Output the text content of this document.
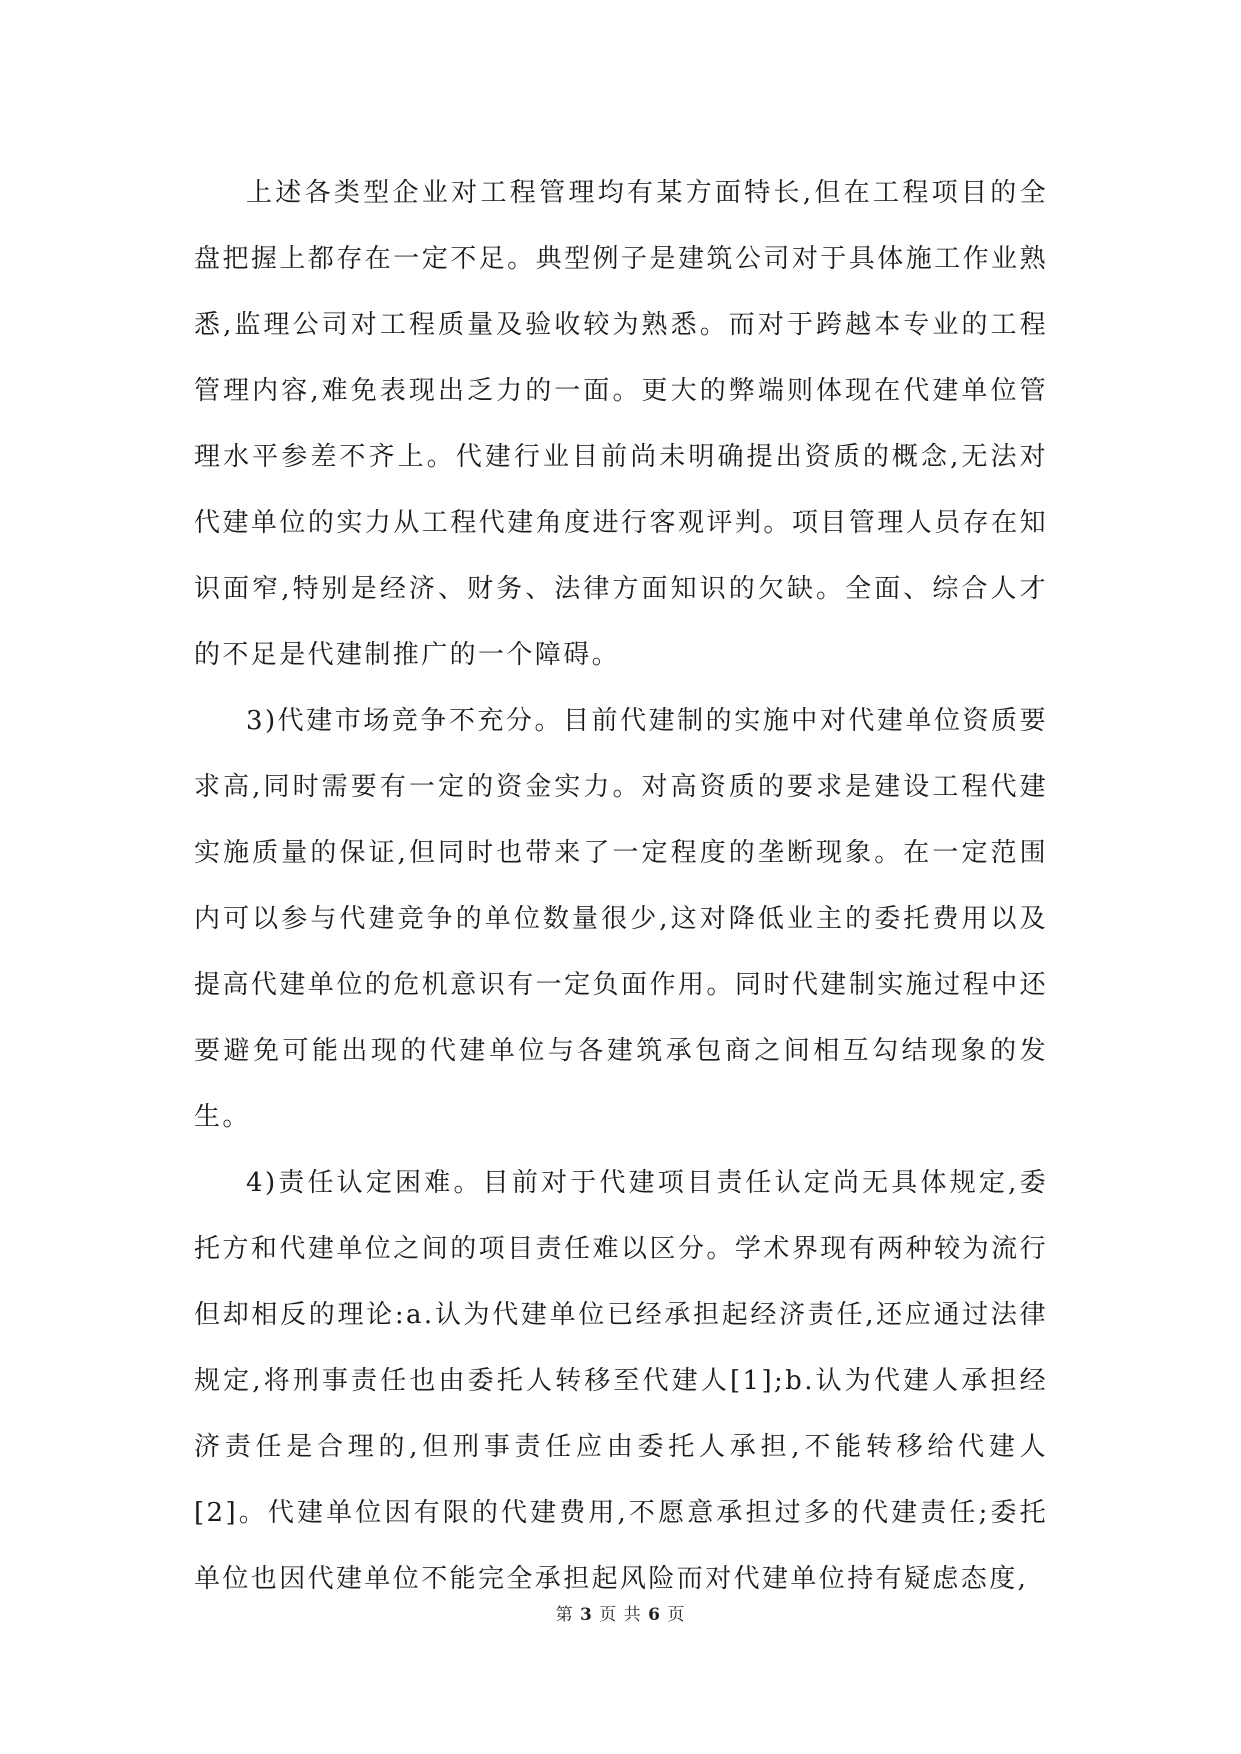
上述各类型企业对工程管理均有某方面特长,但在工程项目的全盘把握上都存在一定不足。典型例子是建筑公司对于具体施工作业熟悉,监理公司对工程质量及验收较为熟悉。而对于跨越本专业的工程管理内容,难免表现出乏力的一面。更大的弊端则体现在代建单位管理水平参差不齐上。代建行业目前尚未明确提出资质的概念,无法对代建单位的实力从工程代建角度进行客观评判。项目管理人员存在知识面窄,特别是经济、财务、法律方面知识的欠缺。全面、综合人才的不足是代建制推广的一个障碍。

3)代建市场竞争不充分。目前代建制的实施中对代建单位资质要求高,同时需要有一定的资金实力。对高资质的要求是建设工程代建实施质量的保证,但同时也带来了一定程度的垄断现象。在一定范围内可以参与代建竞争的单位数量很少,这对降低业主的委托费用以及提高代建单位的危机意识有一定负面作用。同时代建制实施过程中还要避免可能出现的代建单位与各建筑承包商之间相互勾结现象的发生。

4)责任认定困难。目前对于代建项目责任认定尚无具体规定,委托方和代建单位之间的项目责任难以区分。学术界现有两种较为流行但却相反的理论:a.认为代建单位已经承担起经济责任,还应通过法律规定,将刑事责任也由委托人转移至代建人[1];b.认为代建人承担经济责任是合理的,但刑事责任应由委托人承担,不能转移给代建人[2]。代建单位因有限的代建费用,不愿意承担过多的代建责任;委托单位也因代建单位不能完全承担起风险而对代建单位持有疑虑态度,

第 3 页 共 6 页
